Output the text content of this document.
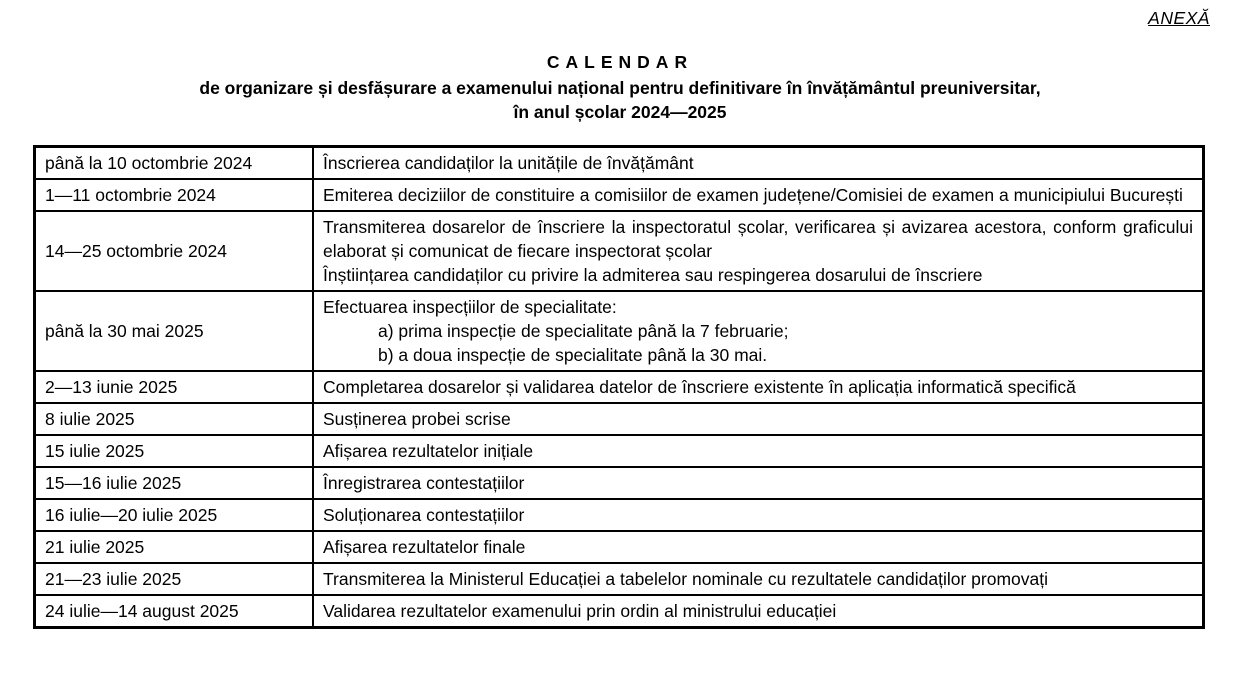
ANEXĂ
CALENDAR
de organizare și desfășurare a examenului național pentru definitivare în învățământul preuniversitar,
în anul școlar 2024—2025
până la 10 octombrie 2024	Înscrierea candidaților la unitățile de învățământ

1—11 octombrie 2024	Emiterea deciziilor de constituire a comisiilor de examen județene/Comisiei de examen a municipiului București

14—25 octombrie 2024	Transmiterea dosarelor de înscriere la inspectoratul școlar, verificarea și avizarea acestora, conform graficului elaborat și comunicat de fiecare inspectorat școlar
Înștiințarea candidaților cu privire la admiterea sau respingerea dosarului de înscriere

până la 30 mai 2025	Efectuarea inspecțiilor de specialitate:
a) prima inspecție de specialitate până la 7 februarie;
b) a doua inspecție de specialitate până la 30 mai.

2—13 iunie 2025	Completarea dosarelor și validarea datelor de înscriere existente în aplicația informatică specifică

8 iulie 2025	Susținerea probei scrise

15 iulie 2025	Afișarea rezultatelor inițiale

15—16 iulie 2025	Înregistrarea contestațiilor

16 iulie—20 iulie 2025	Soluționarea contestațiilor

21 iulie 2025	Afișarea rezultatelor finale

21—23 iulie 2025	Transmiterea la Ministerul Educației a tabelelor nominale cu rezultatele candidaților promovați

24 iulie—14 august 2025	Validarea rezultatelor examenului prin ordin al ministrului educației
